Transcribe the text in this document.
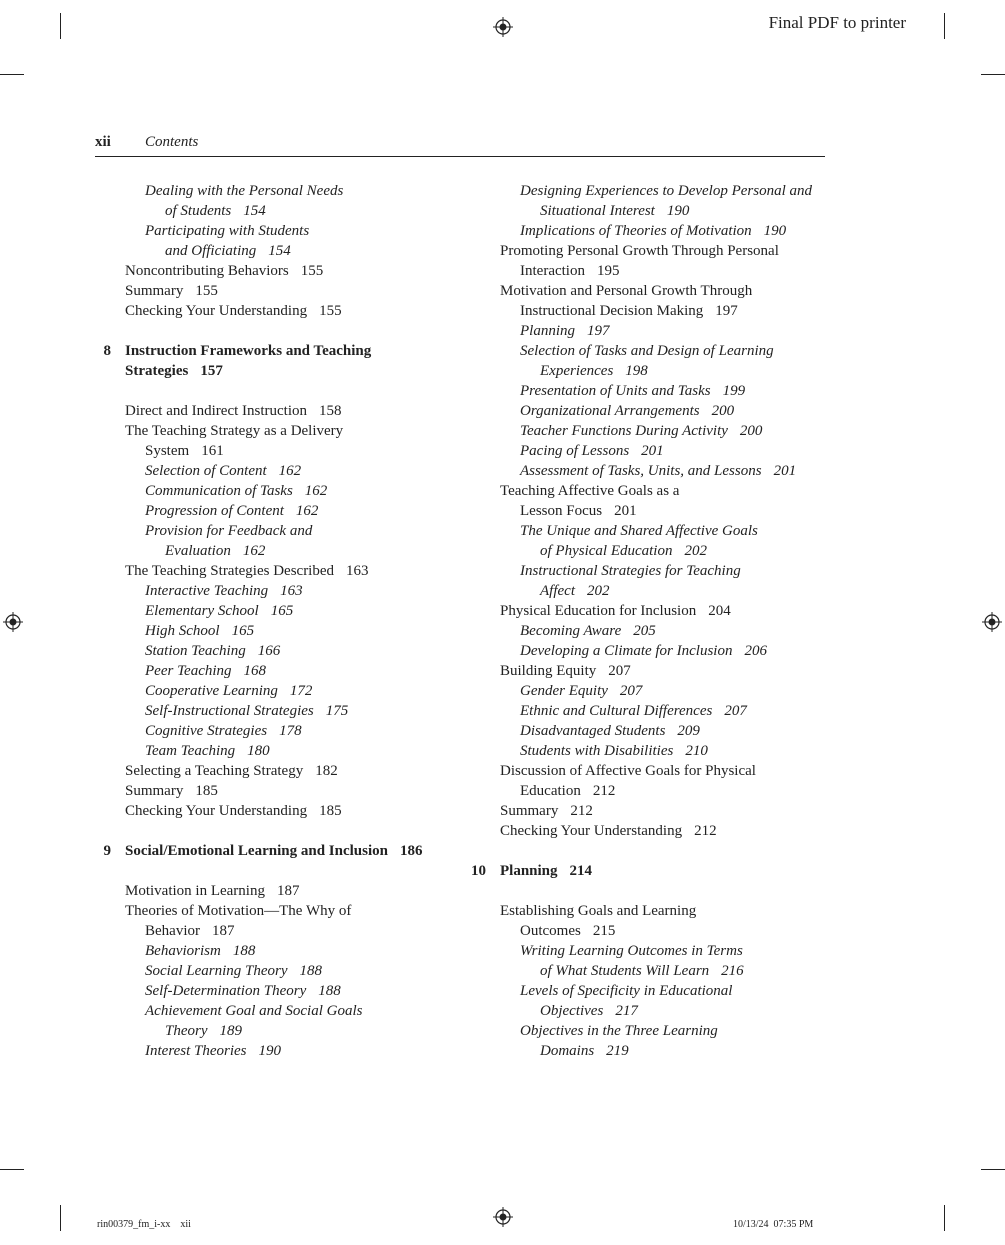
Final PDF to printer
xii Contents
Dealing with the Personal Needs
of Students 154
Participating with Students
and Officiating 154
Noncontributing Behaviors 155
Summary 155
Checking Your Understanding 155
8 Instruction Frameworks and Teaching
Strategies 157
Direct and Indirect Instruction 158
The Teaching Strategy as a Delivery
System 161
Selection of Content 162
Communication of Tasks 162
Progression of Content 162
Provision for Feedback and
Evaluation 162
The Teaching Strategies Described 163
Interactive Teaching 163
Elementary School 165
High School 165
Station Teaching 166
Peer Teaching 168
Cooperative Learning 172
Self-Instructional Strategies 175
Cognitive Strategies 178
Team Teaching 180
Selecting a Teaching Strategy 182
Summary 185
Checking Your Understanding 185
9 Social/Emotional Learning and Inclusion 186
Motivation in Learning 187
Theories of Motivation—The Why of
Behavior 187
Behaviorism 188
Social Learning Theory 188
Self-Determination Theory 188
Achievement Goal and Social Goals
Theory 189
Interest Theories 190
Designing Experiences to Develop Personal and
Situational Interest 190
Implications of Theories of Motivation 190
Promoting Personal Growth Through Personal
Interaction 195
Motivation and Personal Growth Through
Instructional Decision Making 197
Planning 197
Selection of Tasks and Design of Learning
Experiences 198
Presentation of Units and Tasks 199
Organizational Arrangements 200
Teacher Functions During Activity 200
Pacing of Lessons 201
Assessment of Tasks, Units, and Lessons 201
Teaching Affective Goals as a
Lesson Focus 201
The Unique and Shared Affective Goals
of Physical Education 202
Instructional Strategies for Teaching
Affect 202
Physical Education for Inclusion 204
Becoming Aware 205
Developing a Climate for Inclusion 206
Building Equity 207
Gender Equity 207
Ethnic and Cultural Differences 207
Disadvantaged Students 209
Students with Disabilities 210
Discussion of Affective Goals for Physical
Education 212
Summary 212
Checking Your Understanding 212
10 Planning 214
Establishing Goals and Learning
Outcomes 215
Writing Learning Outcomes in Terms
of What Students Will Learn 216
Levels of Specificity in Educational
Objectives 217
Objectives in the Three Learning
Domains 219
rin00379_fm_i-xx    xii	10/13/24  07:35 PM
